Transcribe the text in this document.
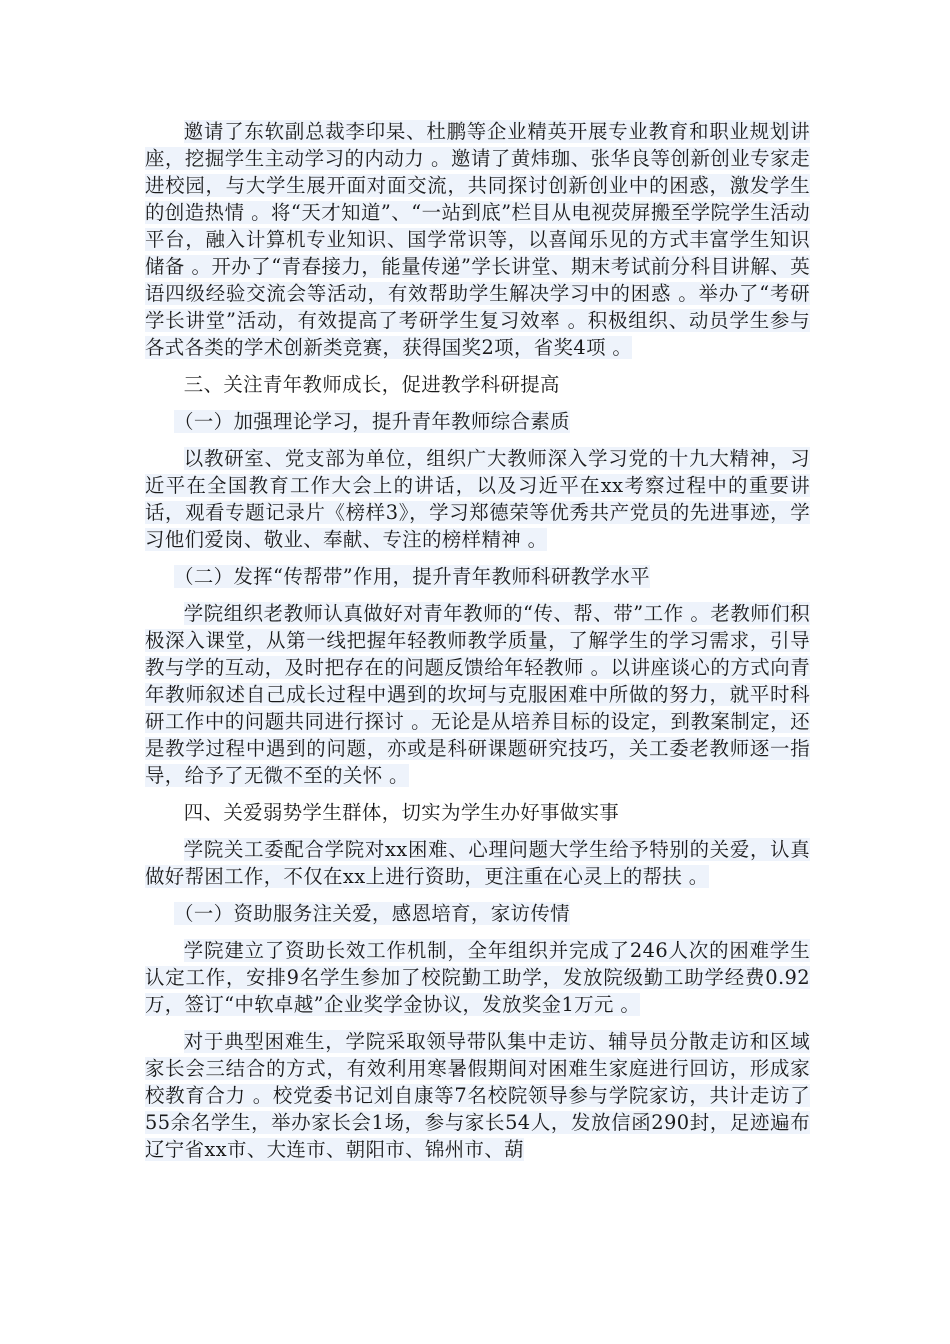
邀请了东软副总裁李印杲、杜鹏等企业精英开展专业教育和职业规划讲座，挖掘学生主动学习的内动力 。邀请了黄炜珈、张华良等创新创业专家走进校园，与大学生展开面对面交流，共同探讨创新创业中的困惑，激发学生的创造热情 。将“天才知道”、“一站到底”栏目从电视荧屏搬至学院学生活动平台，融入计算机专业知识、国学常识等，以喜闻乐见的方式丰富学生知识储备 。开办了“青春接力，能量传递”学长讲堂、期末考试前分科目讲解、英语四级经验交流会等活动，有效帮助学生解决学习中的困惑 。举办了“考研学长讲堂”活动，有效提高了考研学生复习效率 。积极组织、动员学生参与各式各类的学术创新类竞赛，获得国奖2项，省奖4项 。

三、关注青年教师成长，促进教学科研提高

（一）加强理论学习，提升青年教师综合素质

以教研室、党支部为单位，组织广大教师深入学习党的十九大精神，习近平在全国教育工作大会上的讲话，以及习近平在xx考察过程中的重要讲话，观看专题记录片《榜样3》，学习郑德荣等优秀共产党员的先进事迹，学习他们爱岗、敬业、奉献、专注的榜样精神 。

（二）发挥“传帮带”作用，提升青年教师科研教学水平

学院组织老教师认真做好对青年教师的“传、帮、带”工作 。老教师们积极深入课堂，从第一线把握年轻教师教学质量，了解学生的学习需求，引导教与学的互动，及时把存在的问题反馈给年轻教师 。以讲座谈心的方式向青年教师叙述自己成长过程中遇到的坎坷与克服困难中所做的努力，就平时科研工作中的问题共同进行探讨 。无论是从培养目标的设定，到教案制定，还是教学过程中遇到的问题，亦或是科研课题研究技巧，关工委老教师逐一指导，给予了无微不至的关怀 。

四、关爱弱势学生群体，切实为学生办好事做实事

学院关工委配合学院对xx困难、心理问题大学生给予特别的关爱，认真做好帮困工作，不仅在xx上进行资助，更注重在心灵上的帮扶 。

（一）资助服务注关爱，感恩培育，家访传情

学院建立了资助长效工作机制，全年组织并完成了246人次的困难学生认定工作，安排9名学生参加了校院勤工助学，发放院级勤工助学经费0.92万，签订“中软卓越”企业奖学金协议，发放奖金1万元 。

对于典型困难生，学院采取领导带队集中走访、辅导员分散走访和区域家长会三结合的方式，有效利用寒暑假期间对困难生家庭进行回访，形成家校教育合力 。校党委书记刘自康等7名校院领导参与学院家访，共计走访了55余名学生，举办家长会1场，参与家长54人，发放信函290封，足迹遍布辽宁省xx市、大连市、朝阳市、锦州市、葫
